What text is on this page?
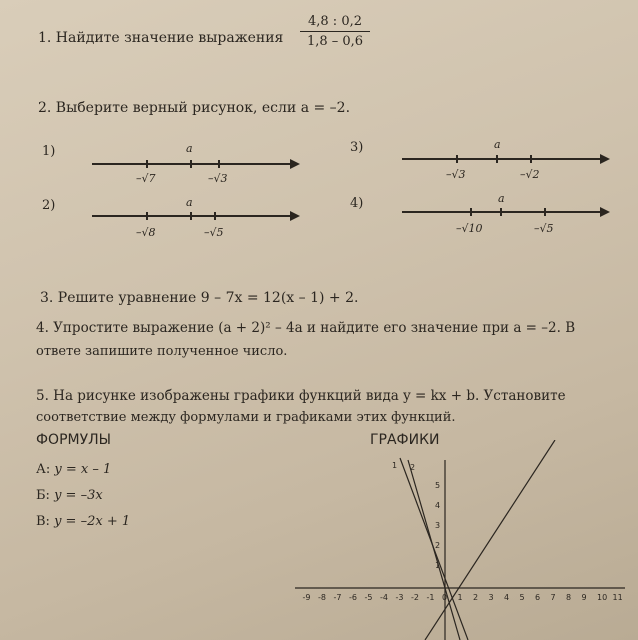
1. Найдите значение выражения $\frac{4,8 : 0,2}{1,8 - 0,6}$
2. Выберите верный рисунок, если a = –2.
1)	a
–√7	–√3
2)	a
–√8	–√5
3)	a
–√3	–√2
4)	a
–√10	–√5
3. Решите уравнение 9 – 7x = 12(x – 1) + 2.
4. Упростите выражение (a + 2)² – 4a и найдите его значение при a = –2. В
ответе запишите полученное число.
5. На рисунке изображены графики функций вида y = kx + b. Установите
соответствие между формулами и графиками этих функций.
ФОРМУЛЫ	ГРАФИКИ
А: y = x – 1
Б: y = –3x
В: y = –2x + 1
1 2
5
4
3
2
1
-9 -8 -7 -6 -5 -4 -3 -2 -1 0 1 2 3 4 5 6 7 8 9 10 11
